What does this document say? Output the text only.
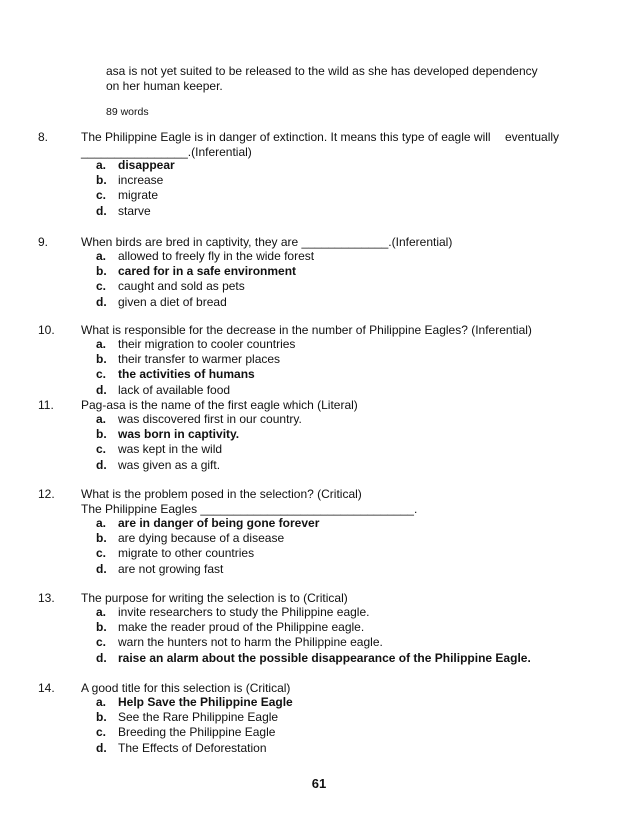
asa is not yet suited to be released to the wild as she has developed dependency
on her human keeper.
89 words
8.	The Philippine Eagle is in danger of extinction. It means this type of eagle will	eventually
________________.(Inferential)
a. disappear
b. increase
c. migrate
d. starve
9.	When birds are bred in captivity, they are _____________.(Inferential)
a. allowed to freely fly in the wide forest
b. cared for in a safe environment
c. caught and sold as pets
d. given a diet of bread
10. What is responsible for the decrease in the number of Philippine Eagles? (Inferential)
a. their migration to cooler countries
b. their transfer to warmer places
c. the activities of humans
d. lack of available food
11. Pag-asa is the name of the first eagle which (Literal)
a. was discovered first in our country.
b. was born in captivity.
c. was kept in the wild
d. was given as a gift.
12. What is the problem posed in the selection? (Critical)
The Philippine Eagles ________________________________.
a. are in danger of being gone forever
b. are dying because of a disease
c. migrate to other countries
d. are not growing fast
13. The purpose for writing the selection is to (Critical)
a. invite researchers to study the Philippine eagle.
b. make the reader proud of the Philippine eagle.
c. warn the hunters not to harm the Philippine eagle.
d. raise an alarm about the possible disappearance of the Philippine Eagle.
14. A good title for this selection is (Critical)
a. Help Save the Philippine Eagle
b. See the Rare Philippine Eagle
c. Breeding the Philippine Eagle
d. The Effects of Deforestation
61
